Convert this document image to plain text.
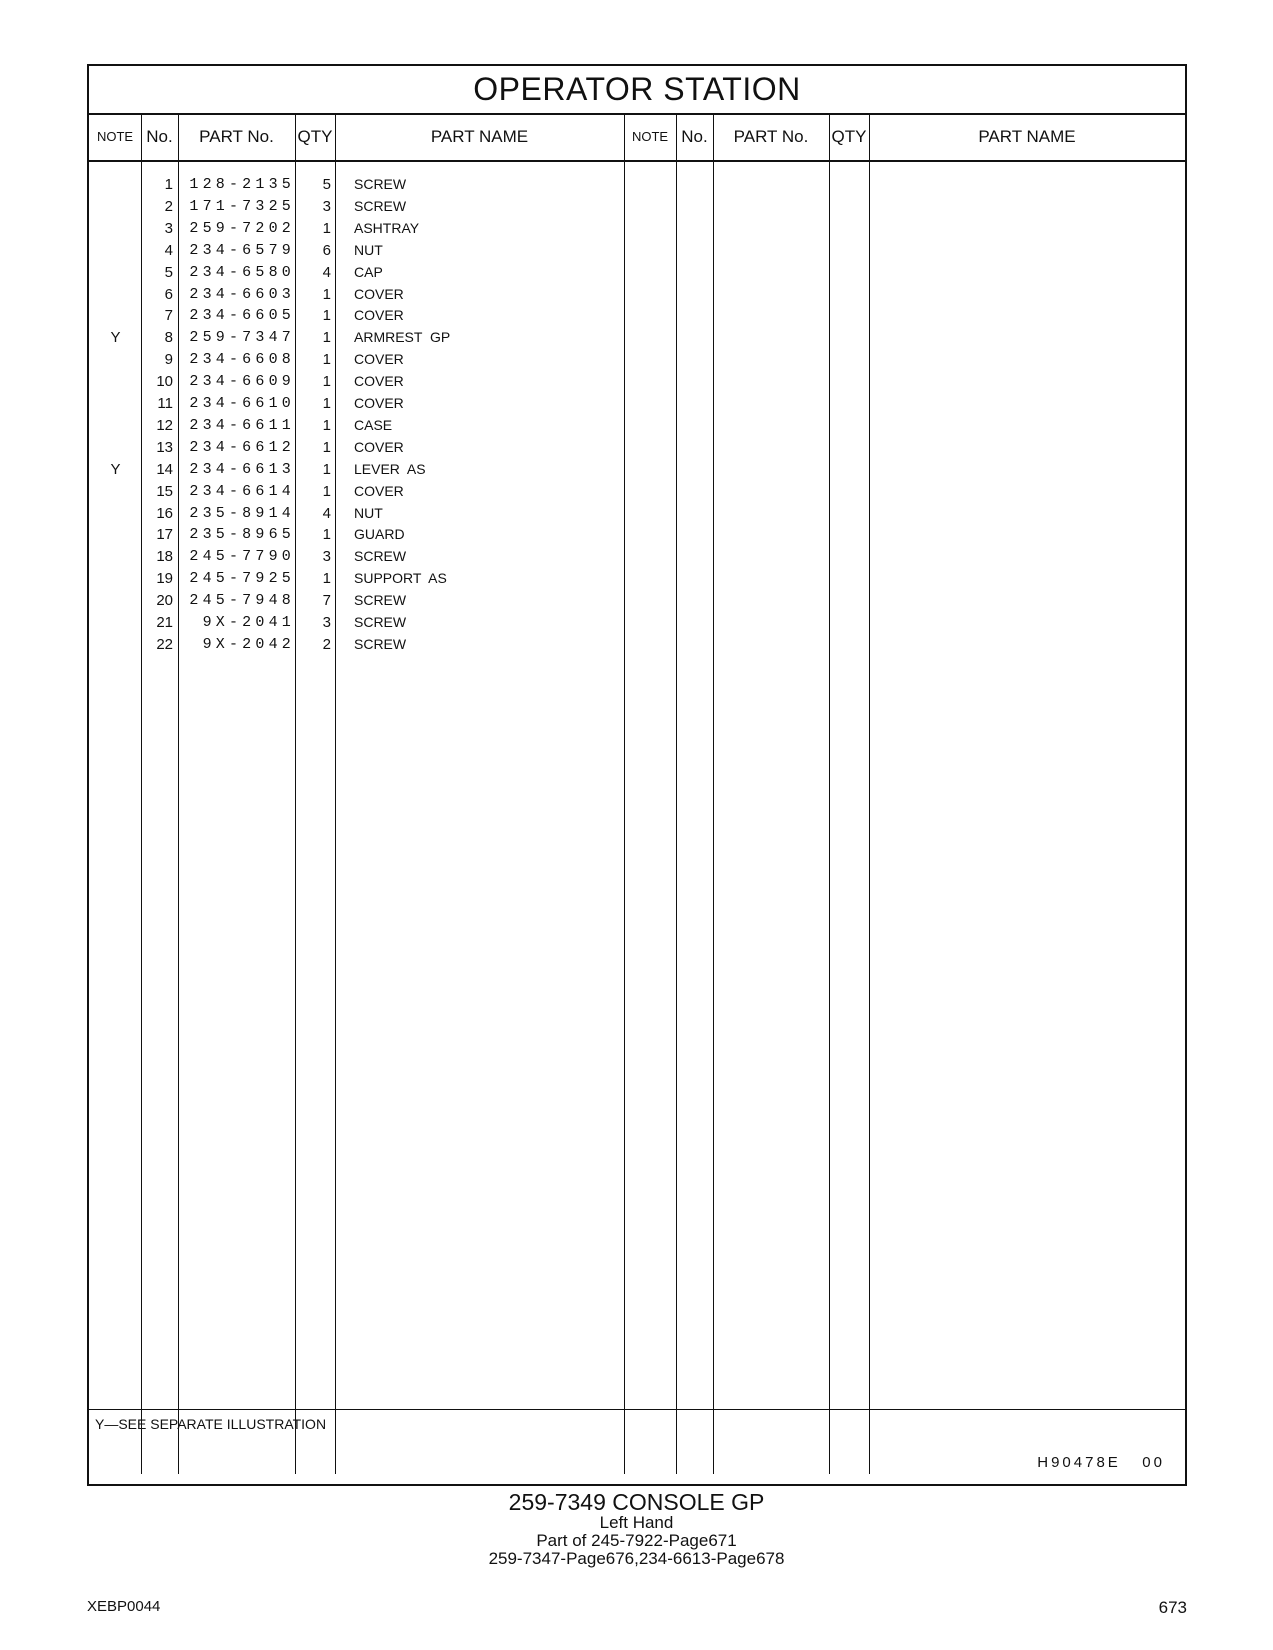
OPERATOR STATION
NOTE No.	PART No.	QTY	PART NAME	NOTE No.	PART No.	QTY	PART NAME
1	128-2135	5 SCREW
2	171-7325	3 SCREW
3	259-7202	1 ASHTRAY
4	234-6579	6 NUT
5	234-6580	4 CAP
6	234-6603	1 COVER
7	234-6605	1 COVER
Y	8	259-7347	1 ARMREST  GP
9	234-6608	1 COVER
10	234-6609	1 COVER
11	234-6610	1 COVER
12	234-6611	1 CASE
13	234-6612	1 COVER
Y	14	234-6613	1 LEVER  AS
15	234-6614	1 COVER
16	235-8914	4 NUT
17	235-8965	1 GUARD
18	245-7790	3 SCREW
19	245-7925	1 SUPPORT  AS
20	245-7948	7 SCREW
21	9X-2041	3 SCREW
22	9X-2042	2 SCREW
Y—SEE SEPARATE ILLUSTRATION
H90478E   00
259‑7349 CONSOLE GP
Left Hand
Part of 245‑7922‑Page671
259‑7347‑Page676,234‑6613‑Page678
XEBP0044	673
